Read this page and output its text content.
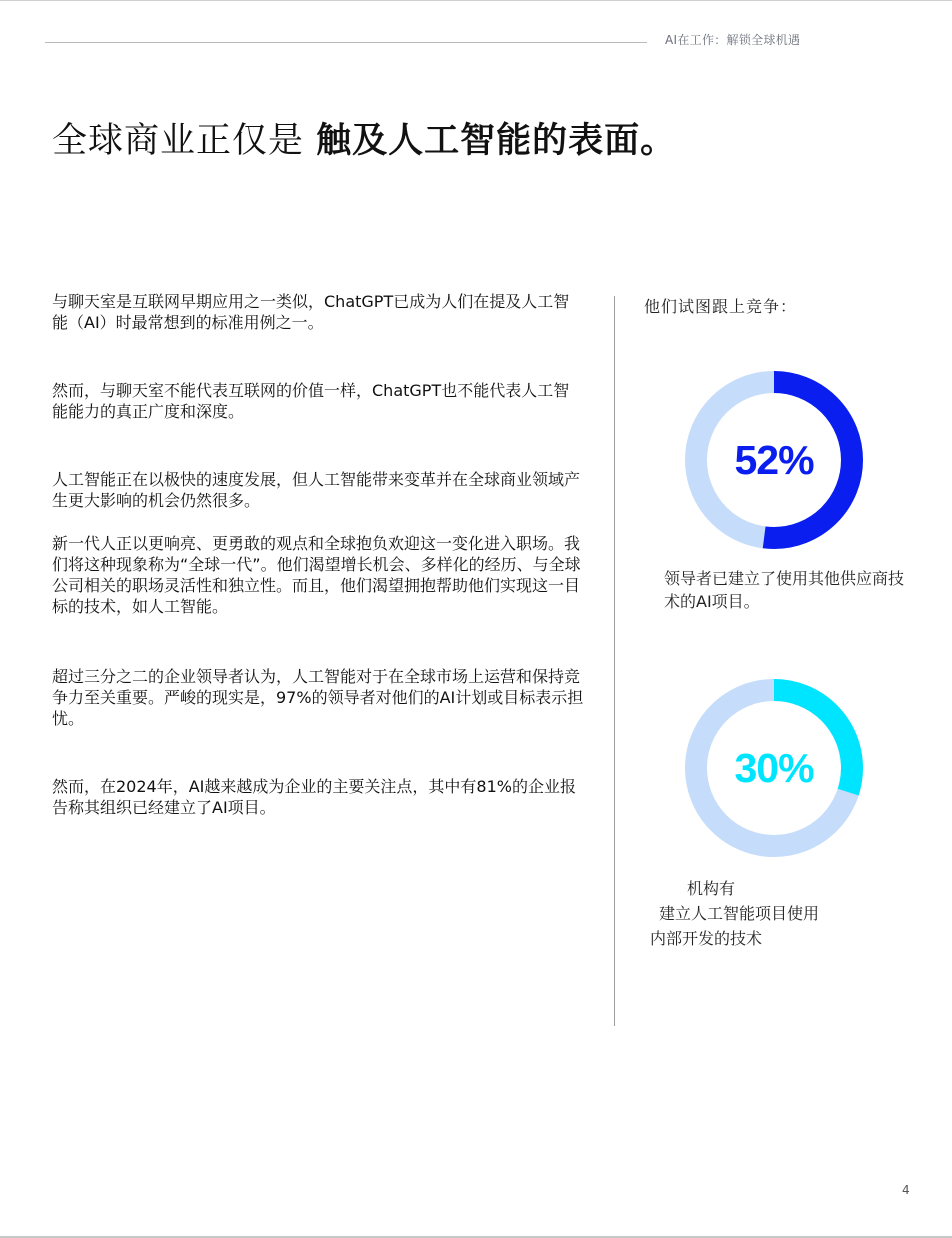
AI在工作：解锁全球机遇
全球商业正仅是 触及人工智能的表面。

与聊天室是互联网早期应用之一类似，ChatGPT已成为人们在提及人工智能（AI）时最常想到的标准用例之一。

然而，与聊天室不能代表互联网的价值一样，ChatGPT也不能代表人工智能能力的真正广度和深度。

人工智能正在以极快的速度发展，但人工智能带来变革并在全球商业领域产生更大影响的机会仍然很多。

新一代人正以更响亮、更勇敢的观点和全球抱负欢迎这一变化进入职场。我们将这种现象称为“全球一代”。他们渴望增长机会、多样化的经历、与全球公司相关的职场灵活性和独立性。而且，他们渴望拥抱帮助他们实现这一目标的技术，如人工智能。

超过三分之二的企业领导者认为，人工智能对于在全球市场上运营和保持竞争力至关重要。严峻的现实是，97%的领导者对他们的AI计划或目标表示担忧。

然而，在2024年，AI越来越成为企业的主要关注点，其中有81%的企业报告称其组织已经建立了AI项目。

他们试图跟上竞争：
52%
领导者已建立了使用其他供应商技术的AI项目。
30%
机构有
建立人工智能项目使用
内部开发的技术
4
